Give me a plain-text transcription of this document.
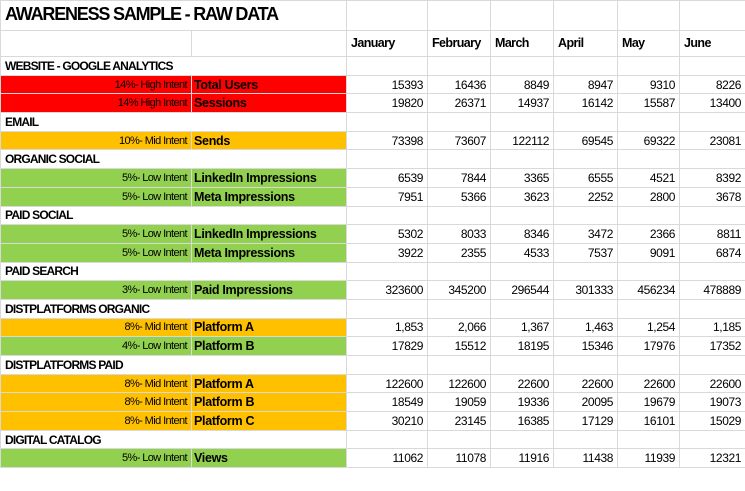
AWARENESS SAMPLE - RAW DATA							
		January	February	March	April	May	June
WEBSITE - GOOGLE ANALYTICS							
14%- High Intent	Total Users	15393	16436	8849	8947	9310	8226
14% High Intent	Sessions	19820	26371	14937	16142	15587	13400
EMAIL							
10%- Mid Intent	Sends	73398	73607	122112	69545	69322	23081
ORGANIC SOCIAL							
5%- Low Intent	LinkedIn Impressions	6539	7844	3365	6555	4521	8392
5%- Low Intent	Meta Impressions	7951	5366	3623	2252	2800	3678
PAID SOCIAL							
5%- Low Intent	LinkedIn Impressions	5302	8033	8346	3472	2366	8811
5%- Low Intent	Meta Impressions	3922	2355	4533	7537	9091	6874
PAID SEARCH							
3%- Low Intent	Paid Impressions	323600	345200	296544	301333	456234	478889
DISTPLATFORMS ORGANIC							
8%- Mid Intent	Platform A	1,853	2,066	1,367	1,463	1,254	1,185
4%- Low Intent	Platform B	17829	15512	18195	15346	17976	17352
DISTPLATFORMS PAID							
8%- Mid Intent	Platform A	122600	122600	22600	22600	22600	22600
8%- Mid Intent	Platform B	18549	19059	19336	20095	19679	19073
8%- Mid Intent	Platform C	30210	23145	16385	17129	16101	15029
DIGITAL CATALOG							
5%- Low Intent	Views	11062	11078	11916	11438	11939	12321
